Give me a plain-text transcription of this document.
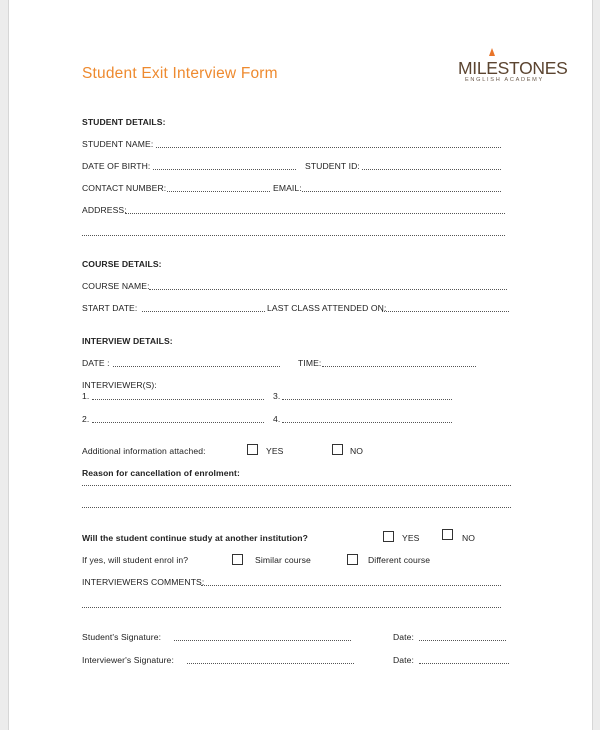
Student Exit Interview Form	MILESTONES
ENGLISH ACADEMY
STUDENT DETAILS:
STUDENT NAME:
DATE OF BIRTH:	STUDENT ID:
CONTACT NUMBER:	EMAIL:
ADDRESS:
COURSE DETAILS:
COURSE NAME:
START DATE:	LAST CLASS ATTENDED ON:
INTERVIEW DETAILS:
DATE :	TIME:
INTERVIEWER(S):
1.	3.
2.	4.
Additional information attached:	YES	NO
Reason for cancellation of enrolment:
Will the student continue study at another institution?	YES	NO
If yes, will student enrol in?	Similar course	Different course
INTERVIEWERS COMMENTS:
Student's Signature:	Date:
Interviewer's Signature:	Date:
